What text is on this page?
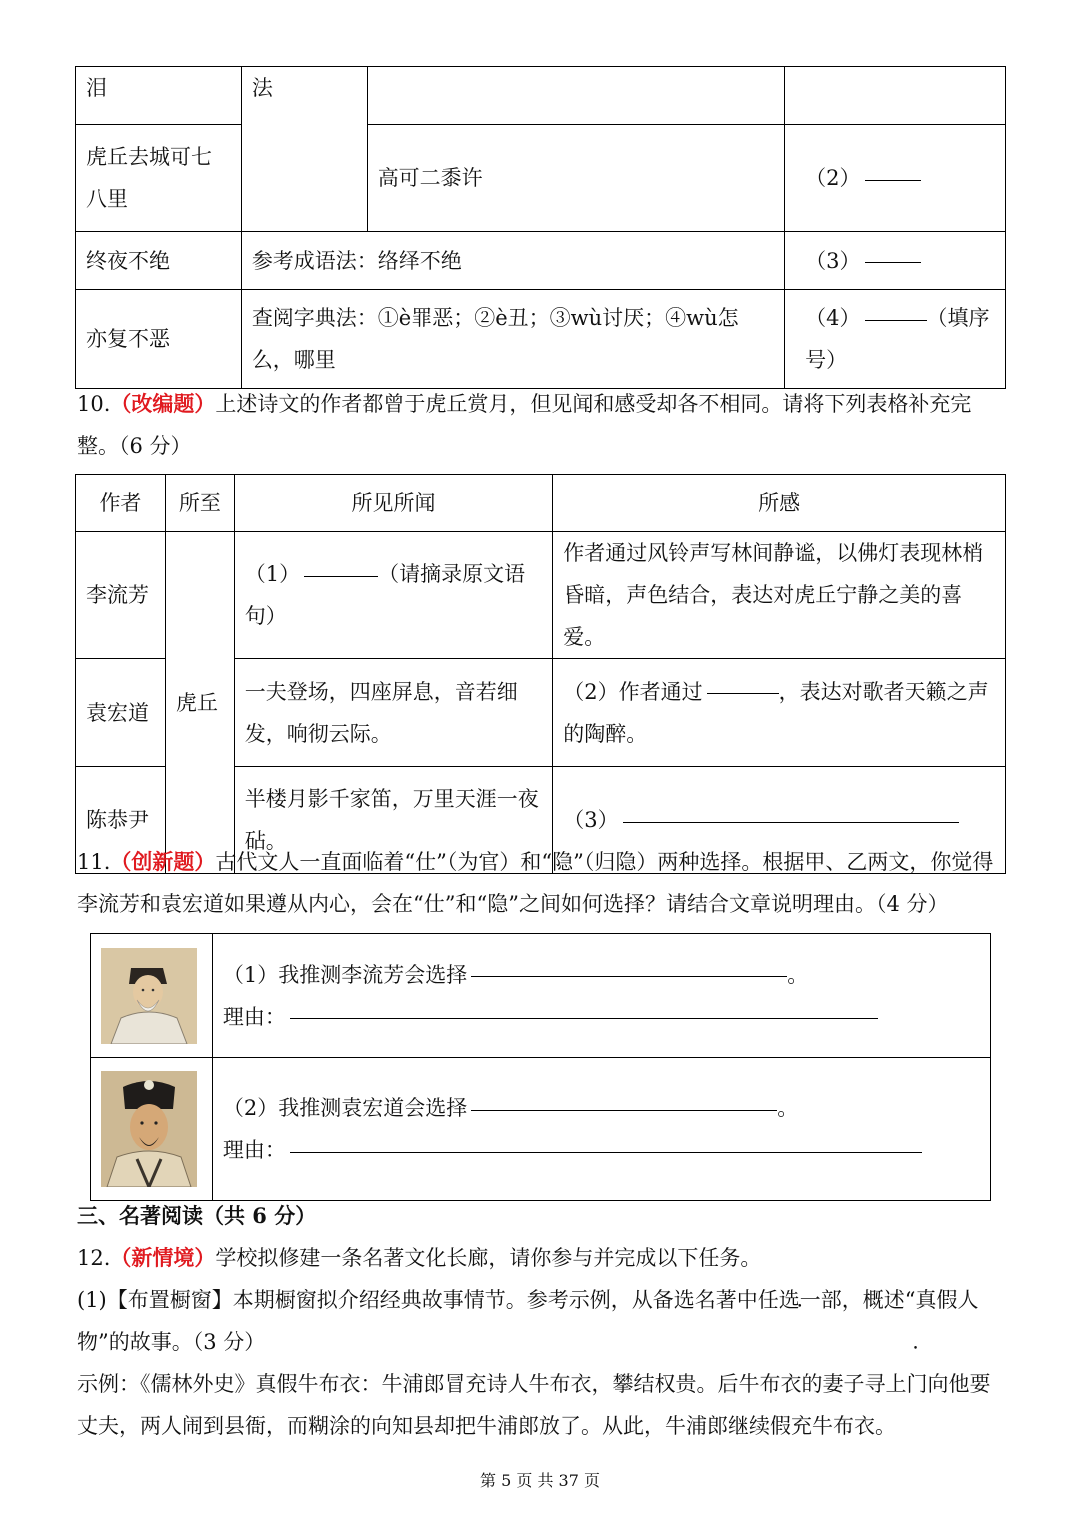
泪	法		
虎丘去城可七八里		高可二黍许	（2）
终夜不绝	参考成语法：络绎不绝		（3）
亦复不恶	查阅字典法：①è罪恶；②è丑；③wù讨厌；④wù怎么，哪里		（4） （填序号）
10.（改编题）上述诗文的作者都曾于虎丘赏月，但见闻和感受却各不相同。请将下列表格补充完整。（6 分）
作者	所至	所见所闻	所感
李流芳	虎丘	（1） （请摘录原文语句）	作者通过风铃声写林间静谧，以佛灯表现林梢昏暗，声色结合，表达对虎丘宁静之美的喜爱。
袁宏道		一夫登场，四座屏息，音若细发，响彻云际。	（2）作者通过 ，表达对歌者天籁之声的陶醉。
陈恭尹		半楼月影千家笛，万里天涯一夜砧。	（3）
11.（创新题）古代文人一直面临着“仕”（为官）和“隐”（归隐）两种选择。根据甲、乙两文，你觉得李流芳和袁宏道如果遵从内心，会在“仕”和“隐”之间如何选择？请结合文章说明理由。（4 分）

（1）我推测李流芳会选择 。
理由：

（2）我推测袁宏道会选择 。
理由：
三、名著阅读（共 6 分）
12.（新情境）学校拟修建一条名著文化长廊，请你参与并完成以下任务。
(1)【布置橱窗】本期橱窗拟介绍经典故事情节。参考示例，从备选名著中任选一部，概述“真假人物”的故事。（3 分）
示例：《儒林外史》真假牛布衣：牛浦郎冒充诗人牛布衣，攀结权贵。后牛布衣的妻子寻上门向他要丈夫，两人闹到县衙，而糊涂的向知县却把牛浦郎放了。从此，牛浦郎继续假充牛布衣。
第 5 页 共 37 页
